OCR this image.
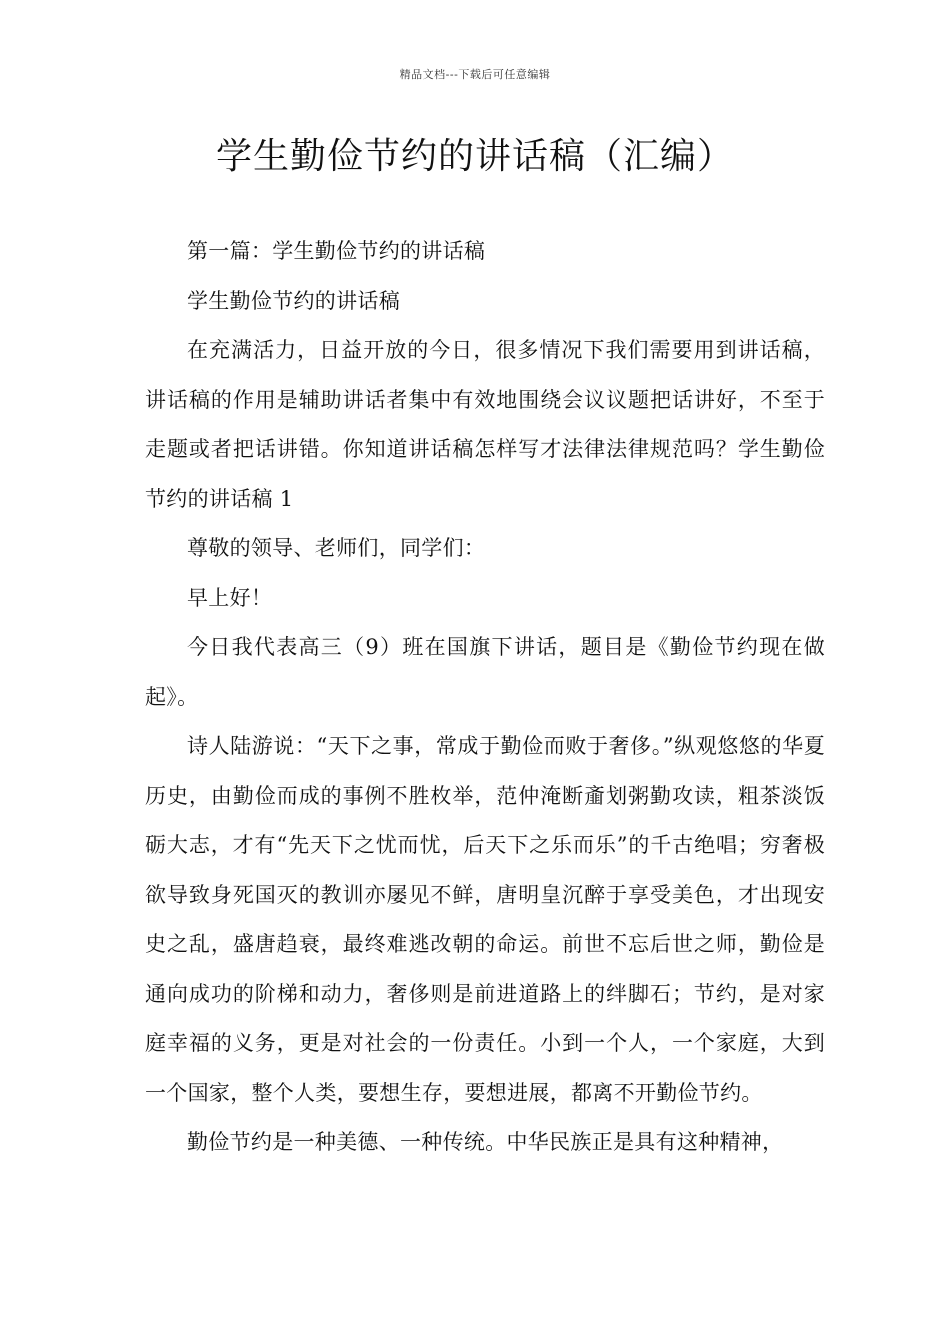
精品文档---下载后可任意编辑
学生勤俭节约的讲话稿（汇编）

第一篇：学生勤俭节约的讲话稿

学生勤俭节约的讲话稿

在充满活力，日益开放的今日，很多情况下我们需要用到讲话稿，讲话稿的作用是辅助讲话者集中有效地围绕会议议题把话讲好，不至于走题或者把话讲错。你知道讲话稿怎样写才法律法律规范吗？学生勤俭节约的讲话稿 1

尊敬的领导、老师们，同学们：

早上好！

今日我代表高三（9）班在国旗下讲话，题目是《勤俭节约现在做起》。

诗人陆游说：“天下之事，常成于勤俭而败于奢侈。”纵观悠悠的华夏历史，由勤俭而成的事例不胜枚举，范仲淹断齑划粥勤攻读，粗茶淡饭砺大志，才有“先天下之忧而忧，后天下之乐而乐”的千古绝唱；穷奢极欲导致身死国灭的教训亦屡见不鲜，唐明皇沉醉于享受美色，才出现安史之乱，盛唐趋衰，最终难逃改朝的命运。前世不忘后世之师，勤俭是通向成功的阶梯和动力，奢侈则是前进道路上的绊脚石；节约，是对家庭幸福的义务，更是对社会的一份责任。小到一个人，一个家庭，大到一个国家，整个人类，要想生存，要想进展，都离不开勤俭节约。

勤俭节约是一种美德、一种传统。中华民族正是具有这种精神，
